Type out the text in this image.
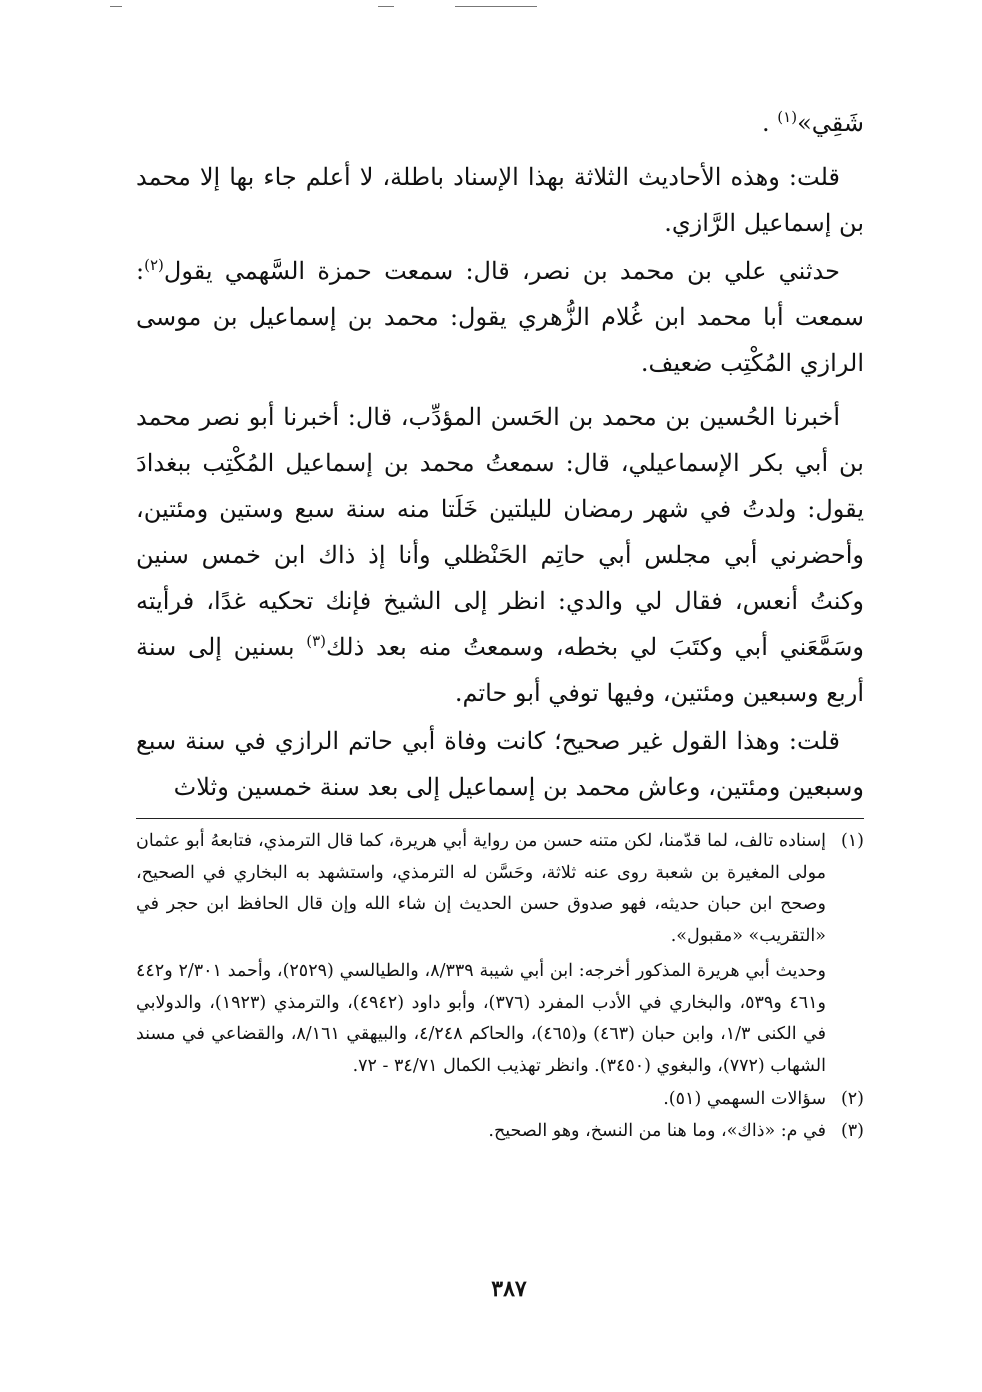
شَقِي»$^{(١)}$ .

قلت: وهذه الأحاديث الثلاثة بهذا الإسناد باطلة، لا أعلم جاء بها إلا محمد بن إسماعيل الرَّازي.

حدثني علي بن محمد بن نصر، قال: سمعت حمزة السَّهمي يقول$^{(٢)}$: سمعت أبا محمد ابن غُلام الزُّهري يقول: محمد بن إسماعيل بن موسى الرازي المُكْتِب ضعيف.

أخبرنا الحُسين بن محمد بن الحَسن المؤدِّب، قال: أخبرنا أبو نصر محمد بن أبي بكر الإسماعيلي، قال: سمعتُ محمد بن إسماعيل المُكْتِب ببغدادَ يقول: ولدتُ في شهر رمضان لليلتين خَلَتا منه سنة سبع وستين ومئتين، وأحضرني أبي مجلس أبي حاتِم الحَنْظلي وأنا إذ ذاك ابن خمس سنين وكنتُ أنعس، فقال لي والدي: انظر إلى الشيخ فإنك تحكيه غدًا، فرأيته وسَمَّعَني أبي وكتَبَ لي بخطه، وسمعتُ منه بعد ذلك$^{(٣)}$ بسنين إلى سنة أربع وسبعين ومئتين، وفيها توفي أبو حاتم.

قلت: وهذا القول غير صحيح؛ كانت وفاة أبي حاتم الرازي في سنة سبع وسبعين ومئتين، وعاش محمد بن إسماعيل إلى بعد سنة خمسين وثلاث

(١)
إسناده تالف، لما قدّمنا، لكن متنه حسن من رواية أبي هريرة، كما قال الترمذي، فتابعهُ أبو عثمان مولى المغيرة بن شعبة روى عنه ثلاثة، وحَسَّن له الترمذي، واستشهد به البخاري في الصحيح، وصحح ابن حبان حديثه، فهو صدوق حسن الحديث إن شاء الله وإن قال الحافظ ابن حجر في «التقريب» «مقبول».
وحديث أبي هريرة المذكور أخرجه: ابن أبي شيبة ٨/٣٣٩، والطيالسي (٢٥٢٩)، وأحمد ٢/٣٠١ و٤٤٢ و٤٦١ و٥٣٩، والبخاري في الأدب المفرد (٣٧٦)، وأبو داود (٤٩٤٢)، والترمذي (١٩٢٣)، والدولابي في الكنى ١/٣، وابن حبان (٤٦٣) و(٤٦٥)، والحاكم ٤/٢٤٨، والبيهقي ٨/١٦١، والقضاعي في مسند الشهاب (٧٧٢)، والبغوي (٣٤٥٠). وانظر تهذيب الكمال ٣٤/٧١ - ٧٢.
(٢)
سؤالات السهمي (٥١).
(٣)
في م: «ذاك»، وما هنا من النسخ، وهو الصحيح.
٣٨٧
